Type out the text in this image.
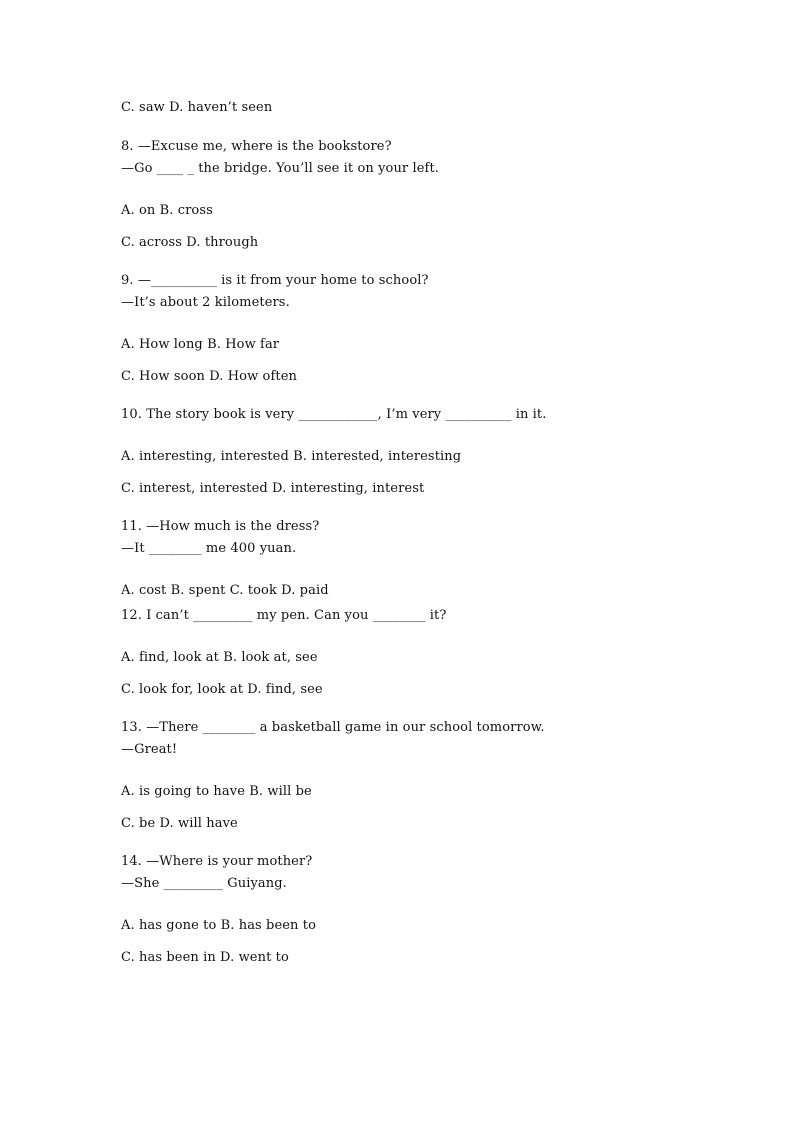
C. saw D. haven’t seen
8. —Excuse me, where is the bookstore?
—Go ____ _ the bridge. You’ll see it on your left.
A. on B. cross
C. across D. through
9. —__________ is it from your home to school?
—It’s about 2 kilometers.
A. How long B. How far
C. How soon D. How often
10. The story book is very ____________, I’m very __________ in it.
A. interesting, interested B. interested, interesting
C. interest, interested D. interesting, interest
11. —How much is the dress?
—It ________ me 400 yuan.
A. cost B. spent C. took D. paid
12. I can’t _________ my pen. Can you ________ it?
A. find, look at B. look at, see
C. look for, look at D. find, see
13. —There ________ a basketball game in our school tomorrow.
—Great!
A. is going to have B. will be
C. be D. will have
14. —Where is your mother?
—She _________ Guiyang.
A. has gone to B. has been to
C. has been in D. went to
